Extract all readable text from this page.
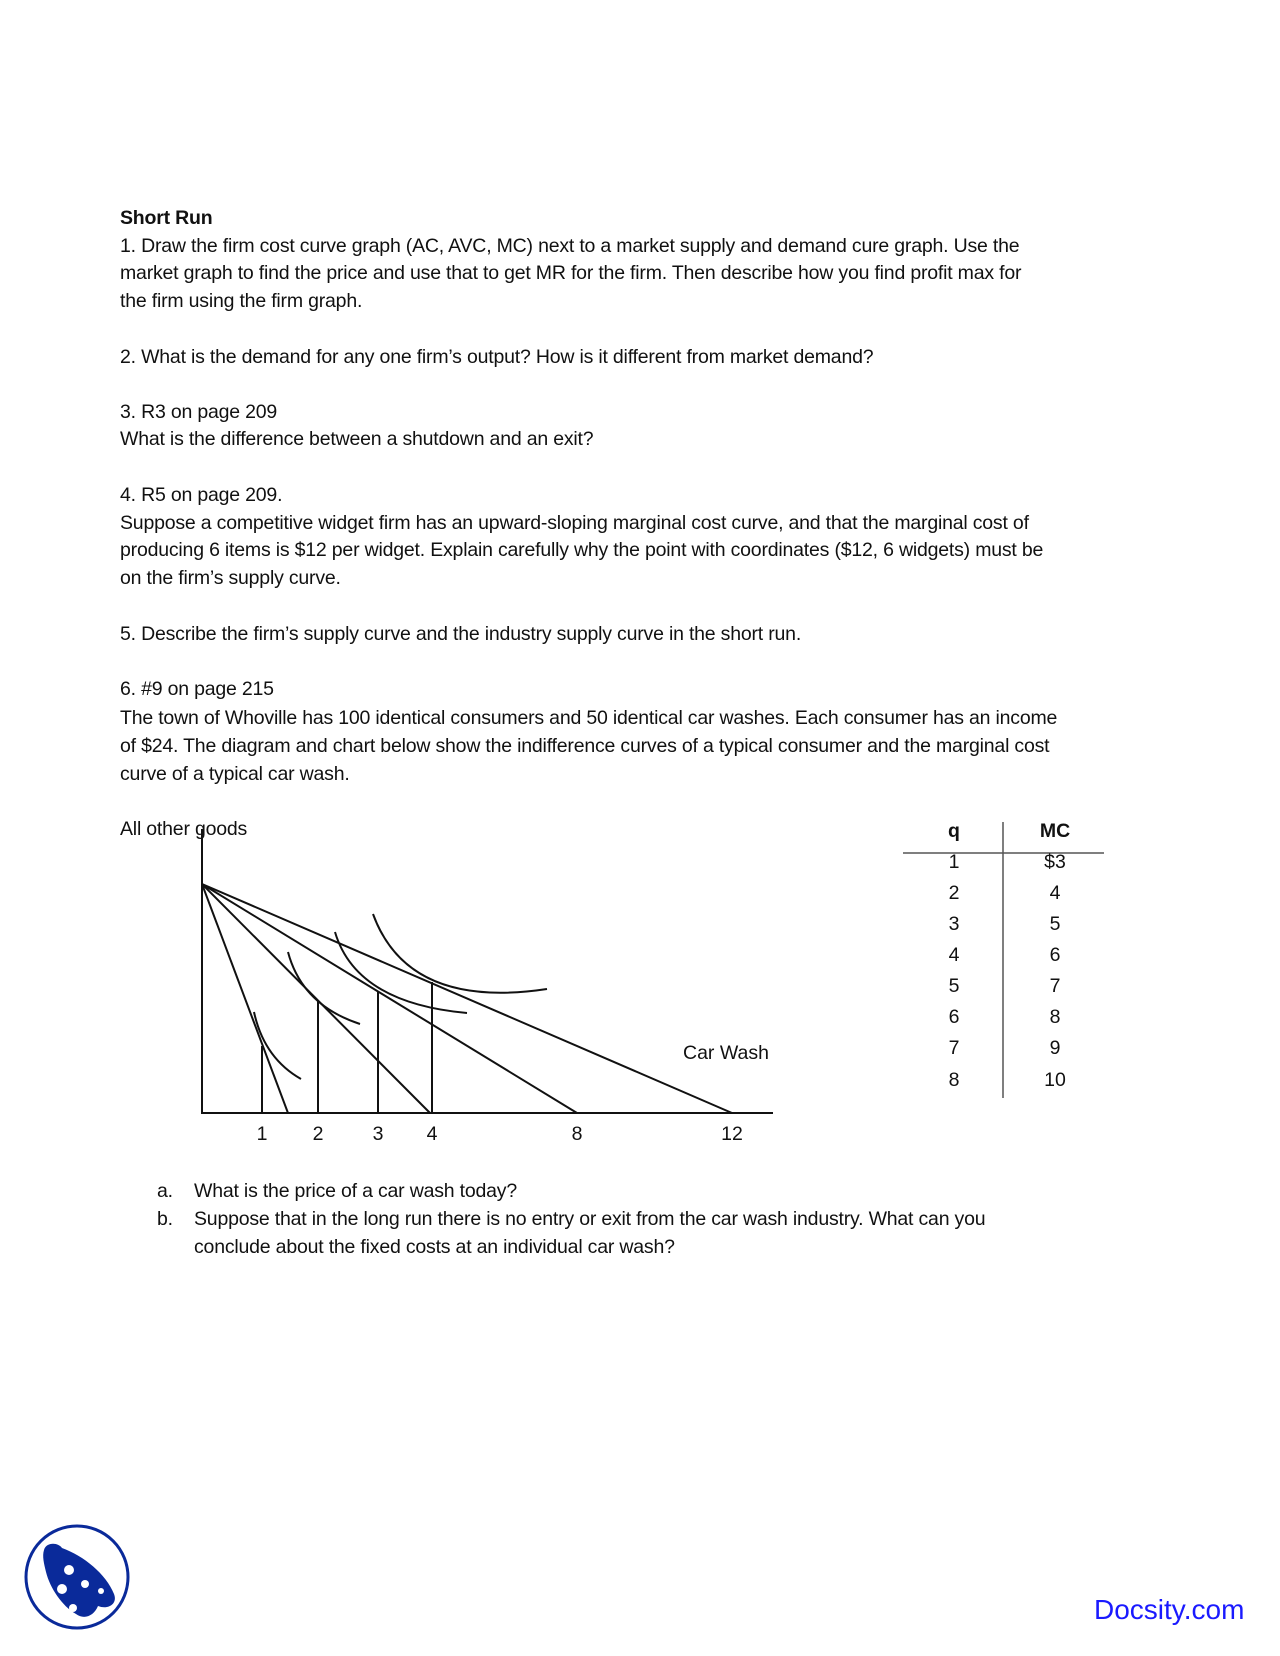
Short Run
1. Draw the firm cost curve graph (AC, AVC, MC) next to a market supply and demand cure graph. Use the
market graph to find the price and use that to get MR for the firm. Then describe how you find profit max for
the firm using the firm graph.
2. What is the demand for any one firm’s output? How is it different from market demand?
3. R3 on page 209
What is the difference between a shutdown and an exit?
4. R5 on page 209.
Suppose a competitive widget firm has an upward-sloping marginal cost curve, and that the marginal cost of
producing 6 items is $12 per widget. Explain carefully why the point with coordinates ($12, 6 widgets) must be
on the firm’s supply curve.
5. Describe the firm’s supply curve and the industry supply curve in the short run.
6. #9 on page 215
The town of Whoville has 100 identical consumers and 50 identical car washes. Each consumer has an income
of $24. The diagram and chart below show the indifference curves of a typical consumer and the marginal cost
curve of a typical car wash.
All other goods
Car Wash
1 2	3 4	8	12
q	MC
1	$3
2	4
3	5
4	6
5	7
6	8
7	9
8	10
a. What is the price of a car wash today?
b. Suppose that in the long run there is no entry or exit from the car wash industry. What can you
conclude about the fixed costs at an individual car wash?
Docsity.com
